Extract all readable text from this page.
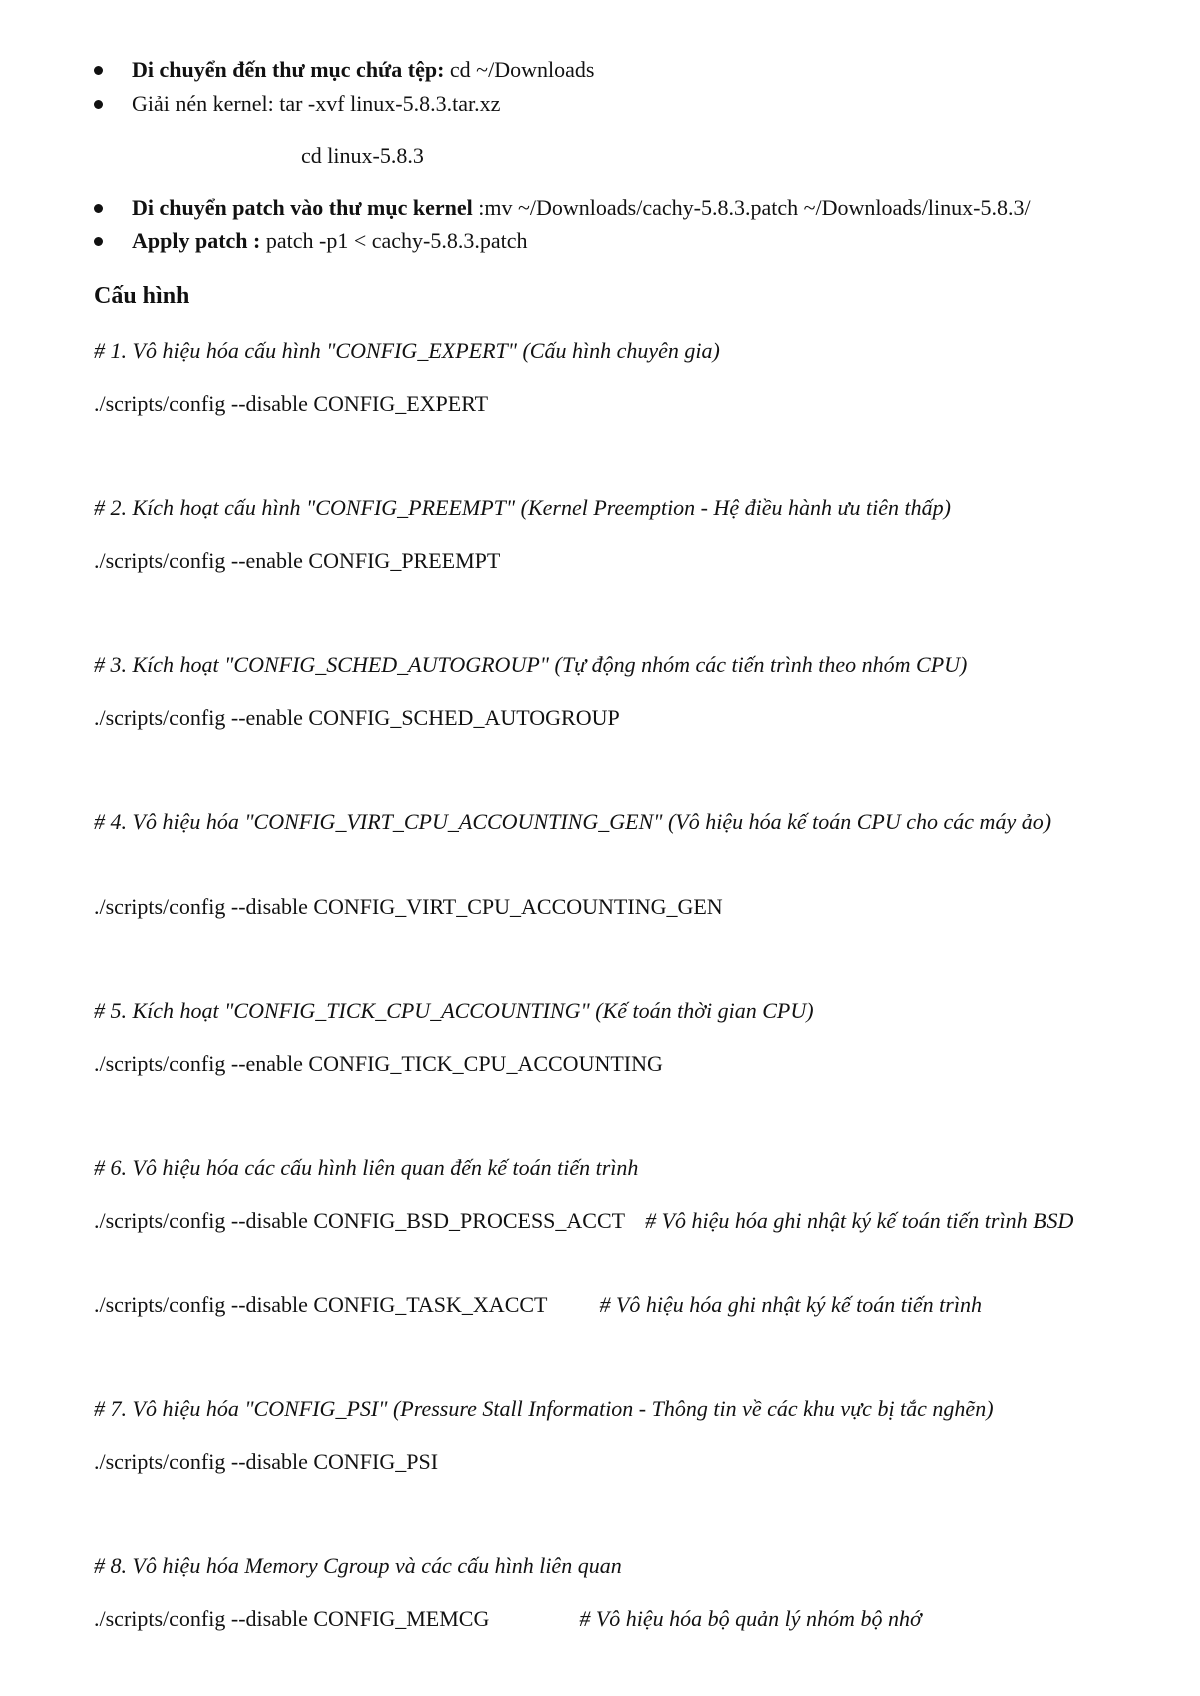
Di chuyển đến thư mục chứa tệp: cd ~/Downloads
Giải nén kernel: tar -xvf linux-5.8.3.tar.xz
cd linux-5.8.3
Di chuyển patch vào thư mục kernel :mv ~/Downloads/cachy-5.8.3.patch ~/Downloads/linux-5.8.3/
Apply patch : patch -p1 < cachy-5.8.3.patch
Cấu hình
# 1. Vô hiệu hóa cấu hình "CONFIG_EXPERT" (Cấu hình chuyên gia)
./scripts/config --disable CONFIG_EXPERT
# 2. Kích hoạt cấu hình "CONFIG_PREEMPT" (Kernel Preemption - Hệ điều hành ưu tiên thấp)
./scripts/config --enable CONFIG_PREEMPT
# 3. Kích hoạt "CONFIG_SCHED_AUTOGROUP" (Tự động nhóm các tiến trình theo nhóm CPU)
./scripts/config --enable CONFIG_SCHED_AUTOGROUP
# 4. Vô hiệu hóa "CONFIG_VIRT_CPU_ACCOUNTING_GEN" (Vô hiệu hóa kế toán CPU cho các máy ảo)
./scripts/config --disable CONFIG_VIRT_CPU_ACCOUNTING_GEN
# 5. Kích hoạt "CONFIG_TICK_CPU_ACCOUNTING" (Kế toán thời gian CPU)
./scripts/config --enable CONFIG_TICK_CPU_ACCOUNTING
# 6. Vô hiệu hóa các cấu hình liên quan đến kế toán tiến trình
./scripts/config --disable CONFIG_BSD_PROCESS_ACCT # Vô hiệu hóa ghi nhật ký kế toán tiến trình BSD
./scripts/config --disable CONFIG_TASK_XACCT # Vô hiệu hóa ghi nhật ký kế toán tiến trình
# 7. Vô hiệu hóa "CONFIG_PSI" (Pressure Stall Information - Thông tin về các khu vực bị tắc nghẽn)
./scripts/config --disable CONFIG_PSI
# 8. Vô hiệu hóa Memory Cgroup và các cấu hình liên quan
./scripts/config --disable CONFIG_MEMCG	# Vô hiệu hóa bộ quản lý nhóm bộ nhớ
